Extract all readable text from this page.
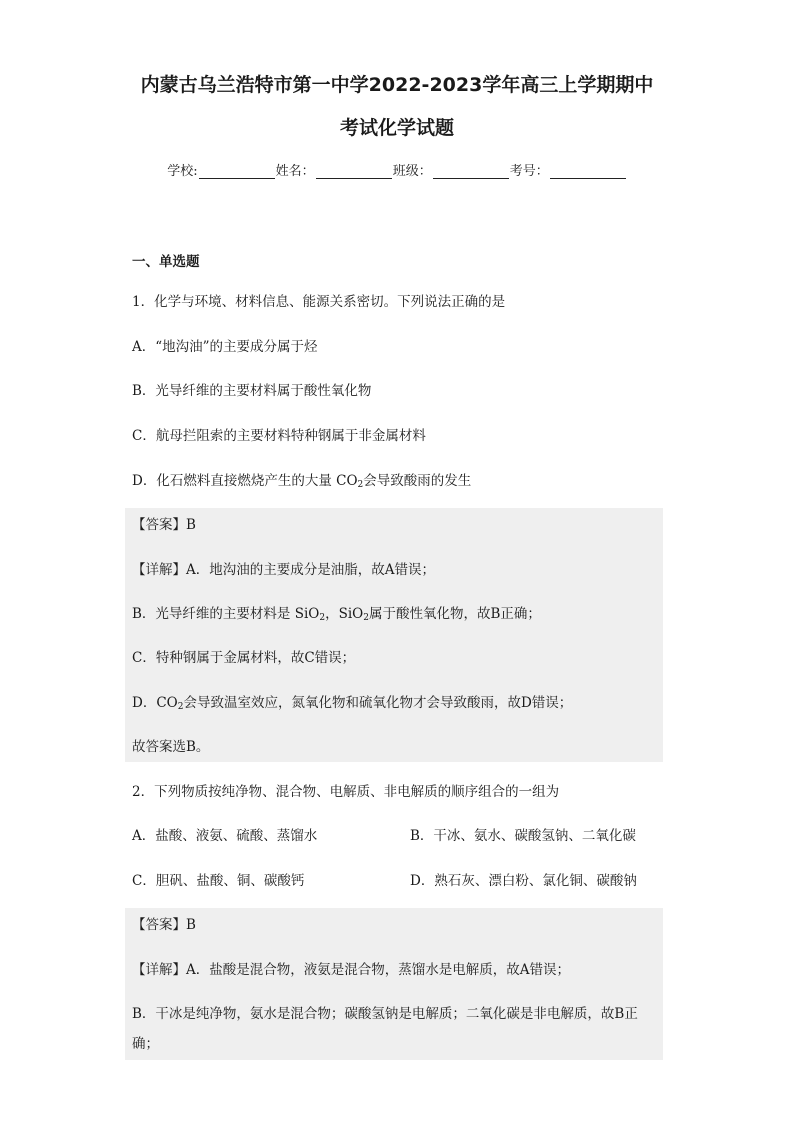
内蒙古乌兰浩特市第一中学2022-2023学年高三上学期期中
考试化学试题
学校:	姓名：	班级：	考号：
一、单选题
1．化学与环境、材料信息、能源关系密切。下列说法正确的是
A．“地沟油”的主要成分属于烃
B．光导纤维的主要材料属于酸性氧化物
C．航母拦阻索的主要材料特种钢属于非金属材料
D．化石燃料直接燃烧产生的大量 $CO_2$会导致酸雨的发生
【答案】B
【详解】A．地沟油的主要成分是油脂，故A错误；
B．光导纤维的主要材料是 SiO$_2$，SiO$_2$属于酸性氧化物，故B正确；
C．特种钢属于金属材料，故C错误；
D．$CO_2$会导致温室效应，氮氧化物和硫氧化物才会导致酸雨，故D错误；
故答案选B。
2．下列物质按纯净物、混合物、电解质、非电解质的顺序组合的一组为
A．盐酸、液氨、硫酸、蒸馏水	B．干冰、氨水、碳酸氢钠、二氧化碳
C．胆矾、盐酸、铜、碳酸钙	D．熟石灰、漂白粉、氯化铜、碳酸钠
【答案】B
【详解】A．盐酸是混合物，液氨是混合物，蒸馏水是电解质，故A错误；
B．干冰是纯净物，氨水是混合物；碳酸氢钠是电解质；二氧化碳是非电解质，故B正
确；
